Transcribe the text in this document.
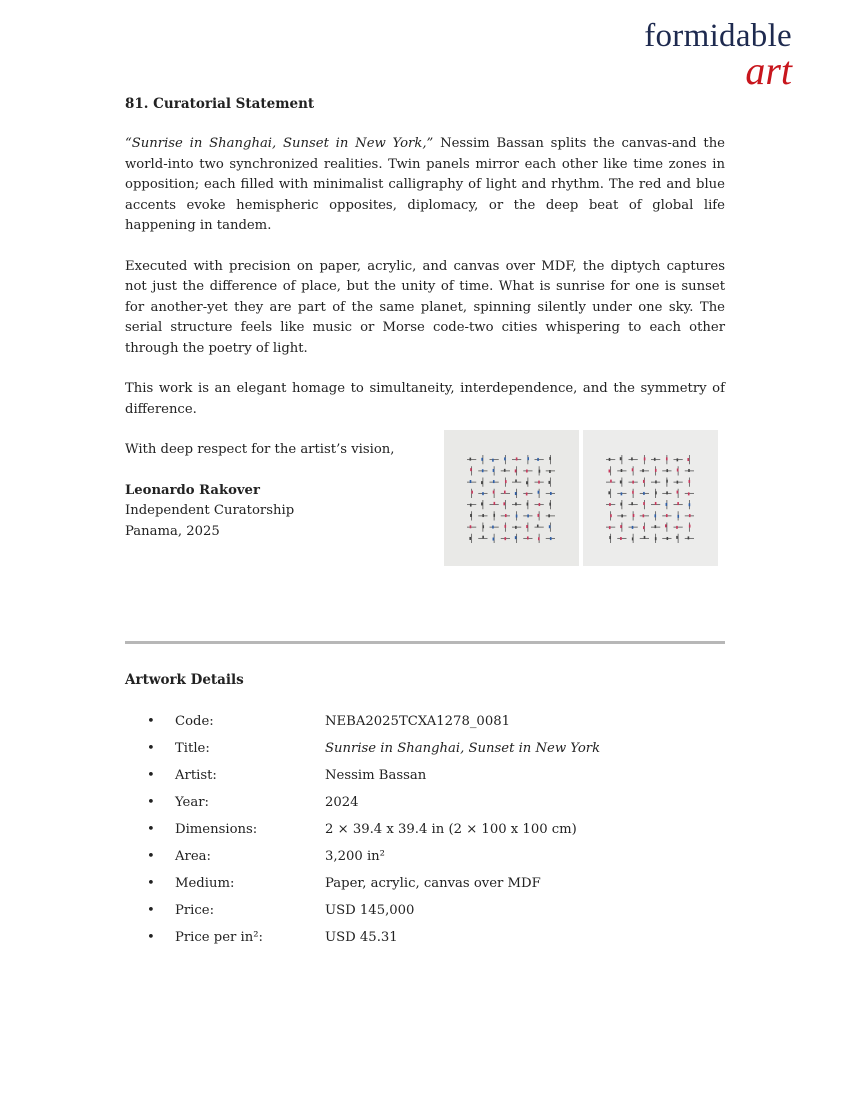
formidable
art
81. Curatorial Statement

“Sunrise in Shanghai, Sunset in New York,” Nessim Bassan splits the canvas-and the world-into two synchronized realities. Twin panels mirror each other like time zones in opposition; each filled with minimalist calligraphy of light and rhythm. The red and blue accents evoke hemispheric opposites, diplomacy, or the deep beat of global life happening in tandem.

Executed with precision on paper, acrylic, and canvas over MDF, the diptych captures not just the difference of place, but the unity of time. What is sunrise for one is sunset for another-yet they are part of the same planet, spinning silently under one sky. The serial structure feels like music or Morse code-two cities whispering to each other through the poetry of light.

This work is an elegant homage to simultaneity, interdependence, and the symmetry of difference.

With deep respect for the artist’s vision,

Leonardo Rakover

Independent Curatorship

Panama, 2025

Artwork Details
• Code:	NEBA2025TCXA1278_0081
• Title:	Sunrise in Shanghai, Sunset in New York
• Artist:	Nessim Bassan
• Year:	2024
• Dimensions:	2 × 39.4 x 39.4 in (2 × 100 x 100 cm)
• Area:	3,200 in²
• Medium:	Paper, acrylic, canvas over MDF
• Price:	USD 145,000
• Price per in²:	USD 45.31
